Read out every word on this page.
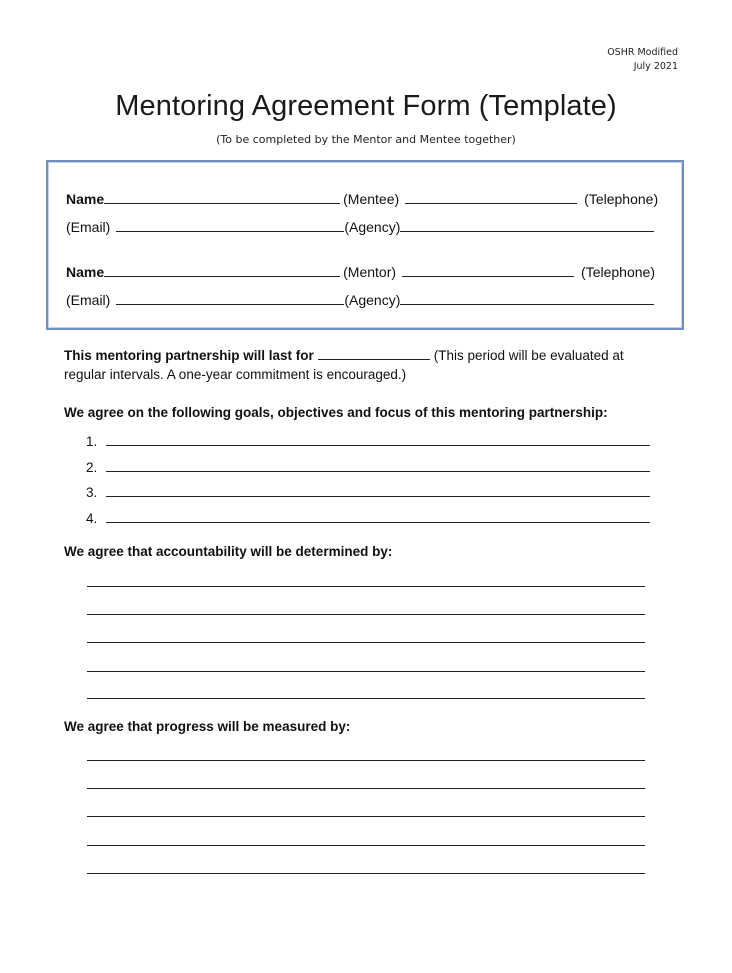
OSHR Modified
July 2021
Mentoring Agreement Form (Template)
(To be completed by the Mentor and Mentee together)
Name	(Mentee)	(Telephone)
(Email)	(Agency)
Name	(Mentor)	(Telephone)
(Email)	(Agency)
This mentoring partnership will last for	(This period will be evaluated at regular intervals. A one-year commitment is encouraged.)
We agree on the following goals, objectives and focus of this mentoring partnership:
1.
2.
3.
4.
We agree that accountability will be determined by:
We agree that progress will be measured by:
